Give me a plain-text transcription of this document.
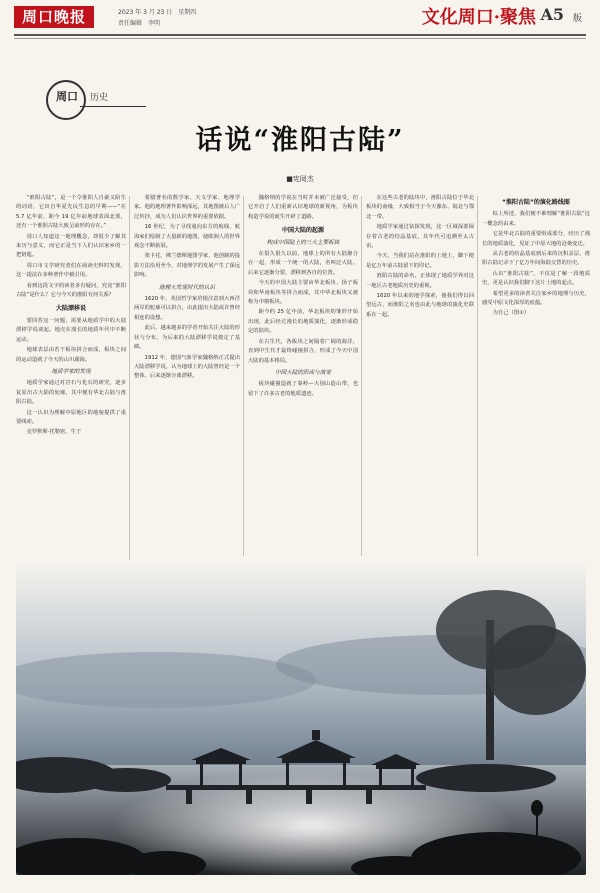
周口晚报	2023 年 3 月 23 日　星期四
责任编辑　李明	文化周口·聚焦 A5 版
周口 历史
话说“淮阳古陆”
■宪阅杰

“淮阳古陆”，是一个令淮阳人自豪又陌生的词语，它出自华夏先民生息的早期——“在 5.7 亿年前，距今 19 亿年前地球表面北部，还有一个淮阳古陆大致呈扇形的存在。”

周口人知道这一地理概念，却很少了解其来历与意义，而它正是当下人们认识家乡的一把钥匙。

周口市文学研究者们在阅读史料时发现，这一提法在多种著作中被引用。

看到这段文字的读者多有疑问，究竟“淮阳古陆”是什么？它与今天的淮阳有何关系？

大陆漂移说

要回答这一问题，需要从地质学中的大陆漂移学说谈起。地壳在漫长的地质年代中不断运动。

地球表层由若干板块拼合而成，板块之间的运动造就了今天的山川湖海。

地质学家的发现

地质学家通过对岩石与化石的研究，逐步复原出古大陆的轮廓，其中便有华北古陆与淮阳古陆。

这一认识为理解中原地区的地貌提供了重要线索。

克罗默斯·托勒密，生于

希腊著名的数学家、天文学家、地理学家。他的地理著作影响深远，其地图被后人广泛传抄，成为人们认识世界的重要依据。

16 世纪，为了寻找通向东方的航线，航海家们绘制了大量新的地图，使欧洲人的世界观念不断拓展。

墨卡托，佛兰德斯地图学家，他创制的投影方法沿用至今，对地理学的发展产生了深远影响。

地理大发现时代的认识

1620 年，英国哲学家培根注意到大西洋两岸的轮廓可以拼合，由此提出大陆或许曾经相连的设想。

此后，越来越多的学者开始关注大陆的形状与分布，为后来的大陆漂移学说奠定了基础。

1912 年，德国气象学家魏格纳正式提出大陆漂移学说，认为地球上的大陆曾经是一个整体，后来逐渐分离漂移。

魏格纳的学说在当时并未被广泛接受，但它开启了人们重新认识地球的新视角，为板块构造学说的诞生开辟了道路。

中国大陆的起源
构成中国陆上的三大主要板块

在很久很久以前，地球上的所有大陆聚合在一起，形成一个统一的大陆，名叫泛大陆。后来它逐渐分裂，漂移到各自的位置。

今天的中国大陆主要由华北板块、扬子板块和华南板块等拼合而成，其中华北板块又被称为中朝板块。

距今约 25 亿年前，华北板块的雏形开始出现，此后经过漫长的地质演化，逐渐形成稳定的陆块。

在古生代，各板块之间隔着广阔的海洋，直到中生代才最终碰撞拼合，形成了今天中国大陆的基本格局。

中国大陆的形成与演变

板块碰撞造就了秦岭—大别山造山带，也留下了许多古老的地质遗迹。

在这些古老的陆块中，淮阳古陆位于华北板块的南缘，大致相当于今天豫东、皖北与鄂北一带。

地质学家通过钻探发现，这一区域深部保存着古老的结晶基底，其年代可追溯至太古宙。

今天，当我们站在淮阳的土地上，脚下便是亿万年前古陆留下的印记。

淮阳古陆的命名，正体现了地质学界对这一地区古老地质历史的重视。

1620 年以来的地学探索，使我们得以回望远古，而淮阳之名也由此与地球的演化史联系在一起。

“淮阳古陆”的演化路线图

综上所述，我们便不难理解“淮阳古陆”这一概念的由来。

它是华北古陆的重要组成部分，经历了漫长的地质演化，见证了中原大地的沧桑变迁。

从古老的结晶基底到后来的沉积盖层，淮阳古陆记录下了亿万年间海陆交替的历史。

认识“淮阳古陆”，不仅是了解一段地质史，更是认识我们脚下这片土地的起点。

希望更多的读者关注家乡的地理与历史，感受中原文化深厚的底蕴。

为自己（图①）
